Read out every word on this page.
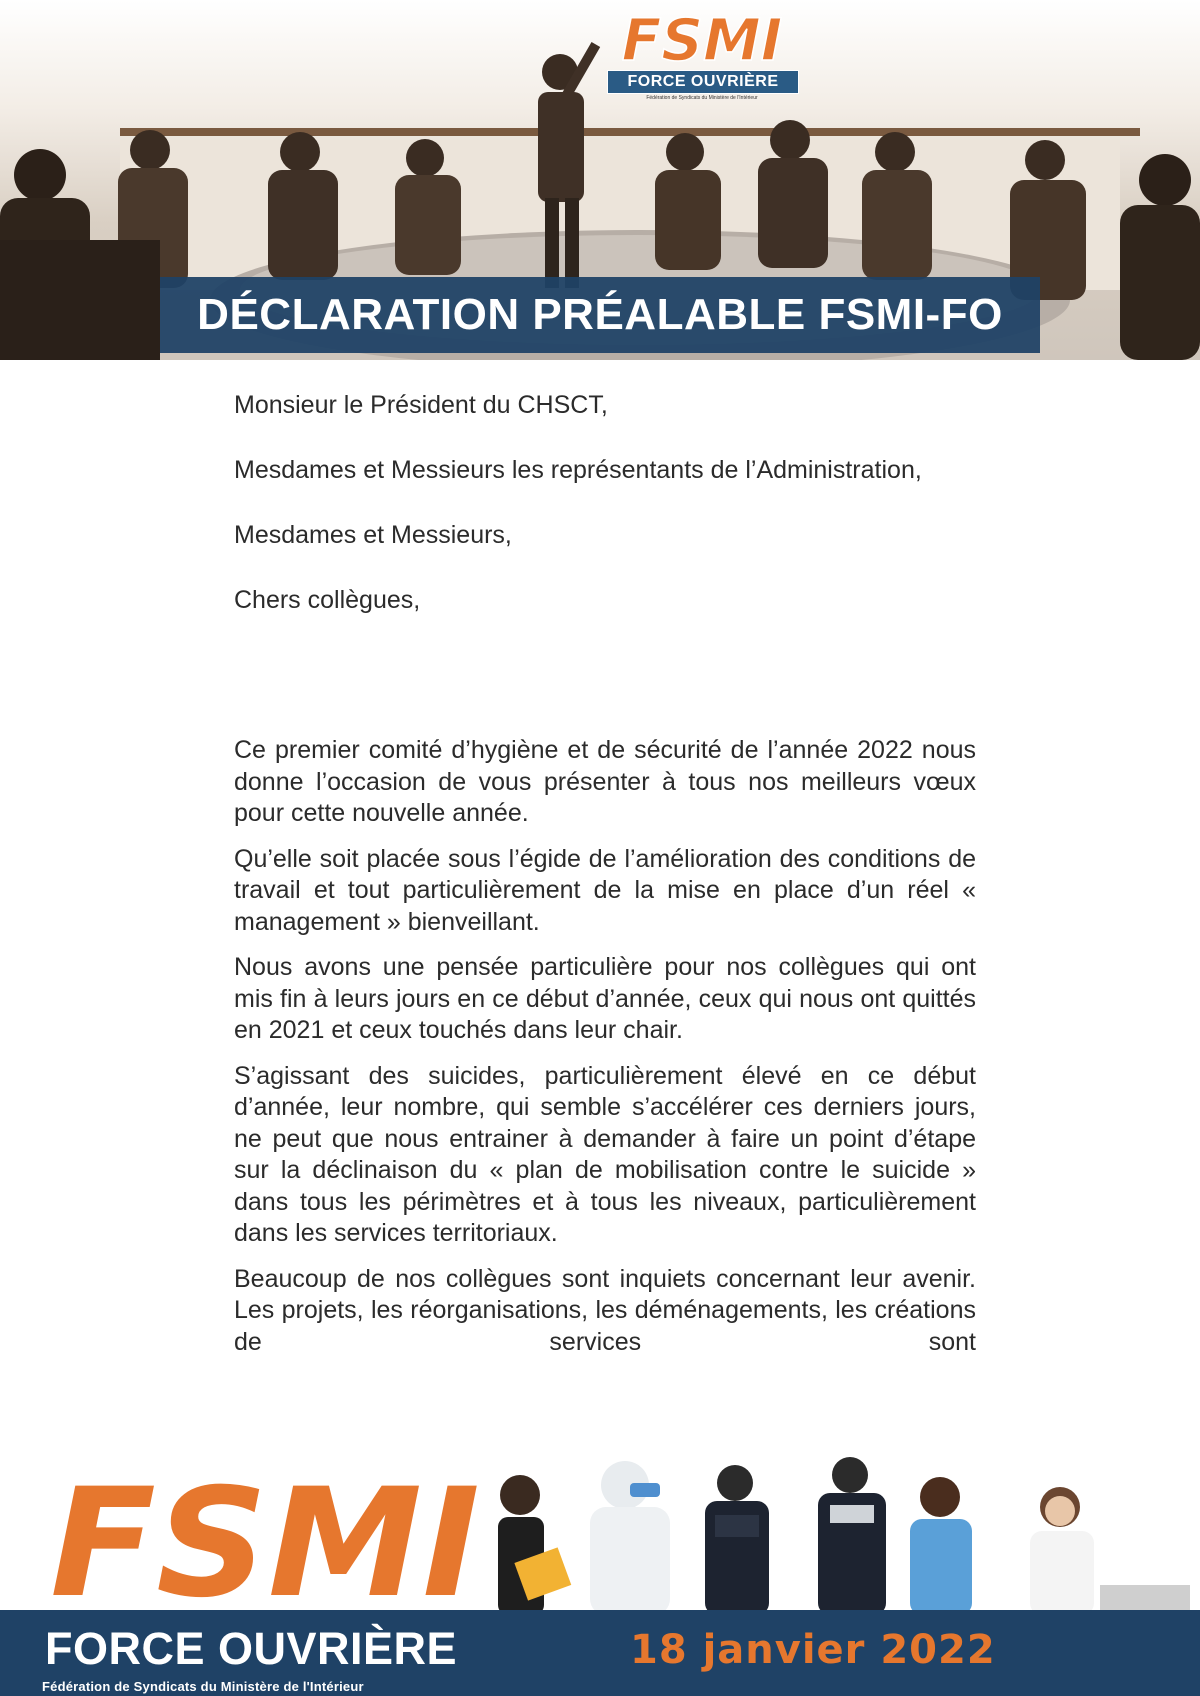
FSMI
FORCE OUVRIÈRE
Fédération de Syndicats du Ministère de l'Intérieur
DÉCLARATION PRÉALABLE FSMI-FO

Monsieur le Président du CHSCT,

Mesdames et Messieurs les représentants de l’Administration,

Mesdames et Messieurs,

Chers collègues,

Ce premier comité d’hygiène et de sécurité de l’année 2022 nous donne l’occasion de vous présenter à tous nos meilleurs vœux pour cette nouvelle année.

Qu’elle soit placée sous l’égide de l’amélioration des conditions de travail et tout particulièrement de la mise en place d’un réel « management » bienveillant.

Nous avons une pensée particulière pour nos collègues qui ont mis fin à leurs jours en ce début d’année, ceux qui nous ont quittés en 2021 et ceux touchés dans leur chair.

S’agissant des suicides, particulièrement élevé en ce début d’année, leur nombre, qui semble s’accélérer ces derniers jours, ne peut que nous entrainer à demander à faire un point d’étape sur la déclinaison du « plan de mobilisation contre le suicide » dans tous les périmètres et à tous les niveaux, particulièrement dans les services territoriaux.

Beaucoup de nos collègues sont inquiets concernant leur avenir. Les projets, les réorganisations, les déménagements, les créations de services sont

FSMI
FORCE OUVRIÈRE
Fédération de Syndicats du Ministère de l'Intérieur
18 janvier 2022
